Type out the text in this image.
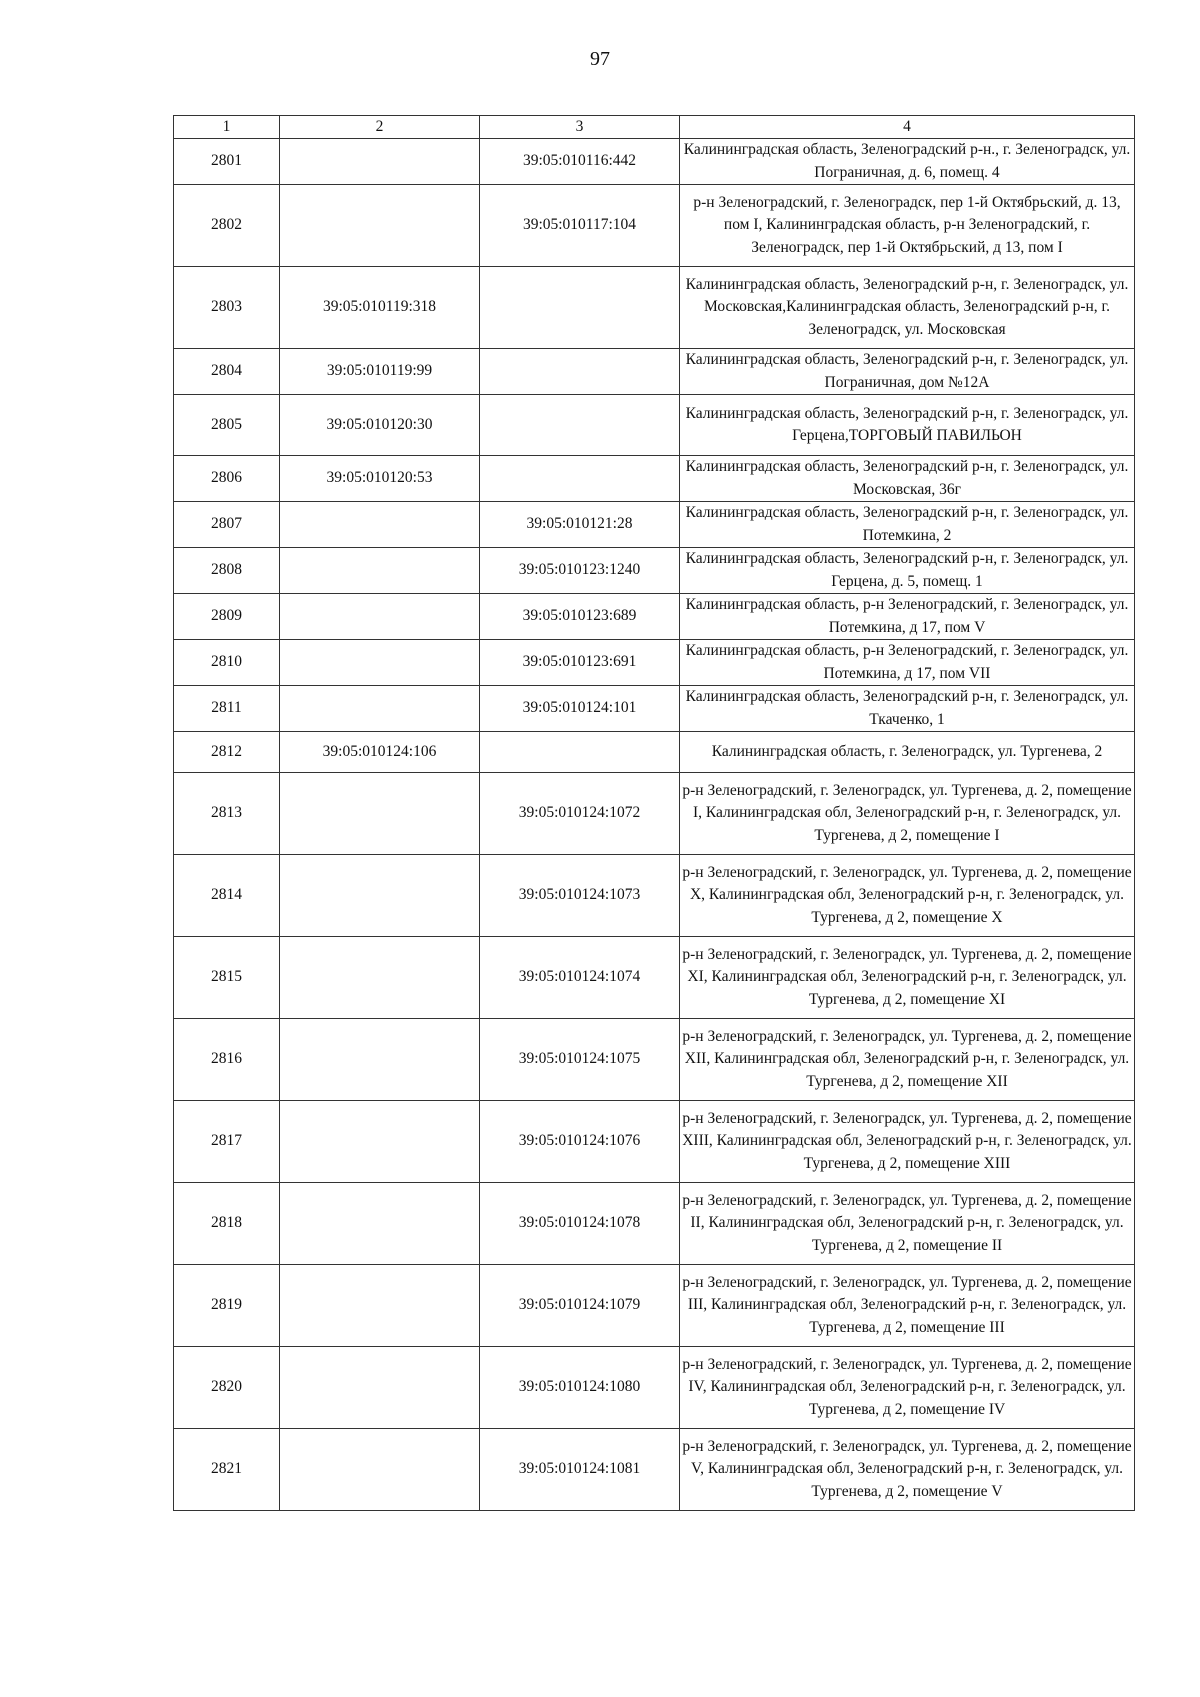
97
1	2	3	4
2801		39:05:010116:442	Калининградская область, Зеленоградский р-н., г. Зеленоградск, ул. Пограничная, д. 6, помещ. 4
2802		39:05:010117:104	р-н Зеленоградский, г. Зеленоградск, пер 1-й Октябрьский, д. 13, пом I, Калининградская область, р-н Зеленоградский, г. Зеленоградск, пер 1-й Октябрьский, д 13, пом I
2803	39:05:010119:318		Калининградская область, Зеленоградский р-н, г. Зеленоградск, ул. Московская,Калининградская область, Зеленоградский р-н, г. Зеленоградск, ул. Московская
2804	39:05:010119:99		Калининградская область, Зеленоградский р-н, г. Зеленоградск, ул. Пограничная, дом №12А
2805	39:05:010120:30		Калининградская область, Зеленоградский р-н, г. Зеленоградск, ул. Герцена,ТОРГОВЫЙ ПАВИЛЬОН
2806	39:05:010120:53		Калининградская область, Зеленоградский р-н, г. Зеленоградск, ул. Московская, 36г
2807		39:05:010121:28	Калининградская область, Зеленоградский р-н, г. Зеленоградск, ул. Потемкина, 2
2808		39:05:010123:1240	Калининградская область, Зеленоградский р-н, г. Зеленоградск, ул. Герцена, д. 5, помещ. 1
2809		39:05:010123:689	Калининградская область, р-н Зеленоградский, г. Зеленоградск, ул. Потемкина, д 17, пом V
2810		39:05:010123:691	Калининградская область, р-н Зеленоградский, г. Зеленоградск, ул. Потемкина, д 17, пом VII
2811		39:05:010124:101	Калининградская область, Зеленоградский р-н, г. Зеленоградск, ул. Ткаченко, 1
2812	39:05:010124:106		Калининградская область, г. Зеленоградск, ул. Тургенева, 2
2813		39:05:010124:1072	р-н Зеленоградский, г. Зеленоградск, ул. Тургенева, д. 2, помещение I, Калининградская обл, Зеленоградский р-н, г. Зеленоградск, ул. Тургенева, д 2, помещение I
2814		39:05:010124:1073	р-н Зеленоградский, г. Зеленоградск, ул. Тургенева, д. 2, помещение X, Калининградская обл, Зеленоградский р-н, г. Зеленоградск, ул. Тургенева, д 2, помещение X
2815		39:05:010124:1074	р-н Зеленоградский, г. Зеленоградск, ул. Тургенева, д. 2, помещение XI, Калининградская обл, Зеленоградский р-н, г. Зеленоградск, ул. Тургенева, д 2, помещение XI
2816		39:05:010124:1075	р-н Зеленоградский, г. Зеленоградск, ул. Тургенева, д. 2, помещение XII, Калининградская обл, Зеленоградский р-н, г. Зеленоградск, ул. Тургенева, д 2, помещение XII
2817		39:05:010124:1076	р-н Зеленоградский, г. Зеленоградск, ул. Тургенева, д. 2, помещение XIII, Калининградская обл, Зеленоградский р-н, г. Зеленоградск, ул. Тургенева, д 2, помещение XIII
2818		39:05:010124:1078	р-н Зеленоградский, г. Зеленоградск, ул. Тургенева, д. 2, помещение II, Калининградская обл, Зеленоградский р-н, г. Зеленоградск, ул. Тургенева, д 2, помещение II
2819		39:05:010124:1079	р-н Зеленоградский, г. Зеленоградск, ул. Тургенева, д. 2, помещение III, Калининградская обл, Зеленоградский р-н, г. Зеленоградск, ул. Тургенева, д 2, помещение III
2820		39:05:010124:1080	р-н Зеленоградский, г. Зеленоградск, ул. Тургенева, д. 2, помещение IV, Калининградская обл, Зеленоградский р-н, г. Зеленоградск, ул. Тургенева, д 2, помещение IV
2821		39:05:010124:1081	р-н Зеленоградский, г. Зеленоградск, ул. Тургенева, д. 2, помещение V, Калининградская обл, Зеленоградский р-н, г. Зеленоградск, ул. Тургенева, д 2, помещение V
